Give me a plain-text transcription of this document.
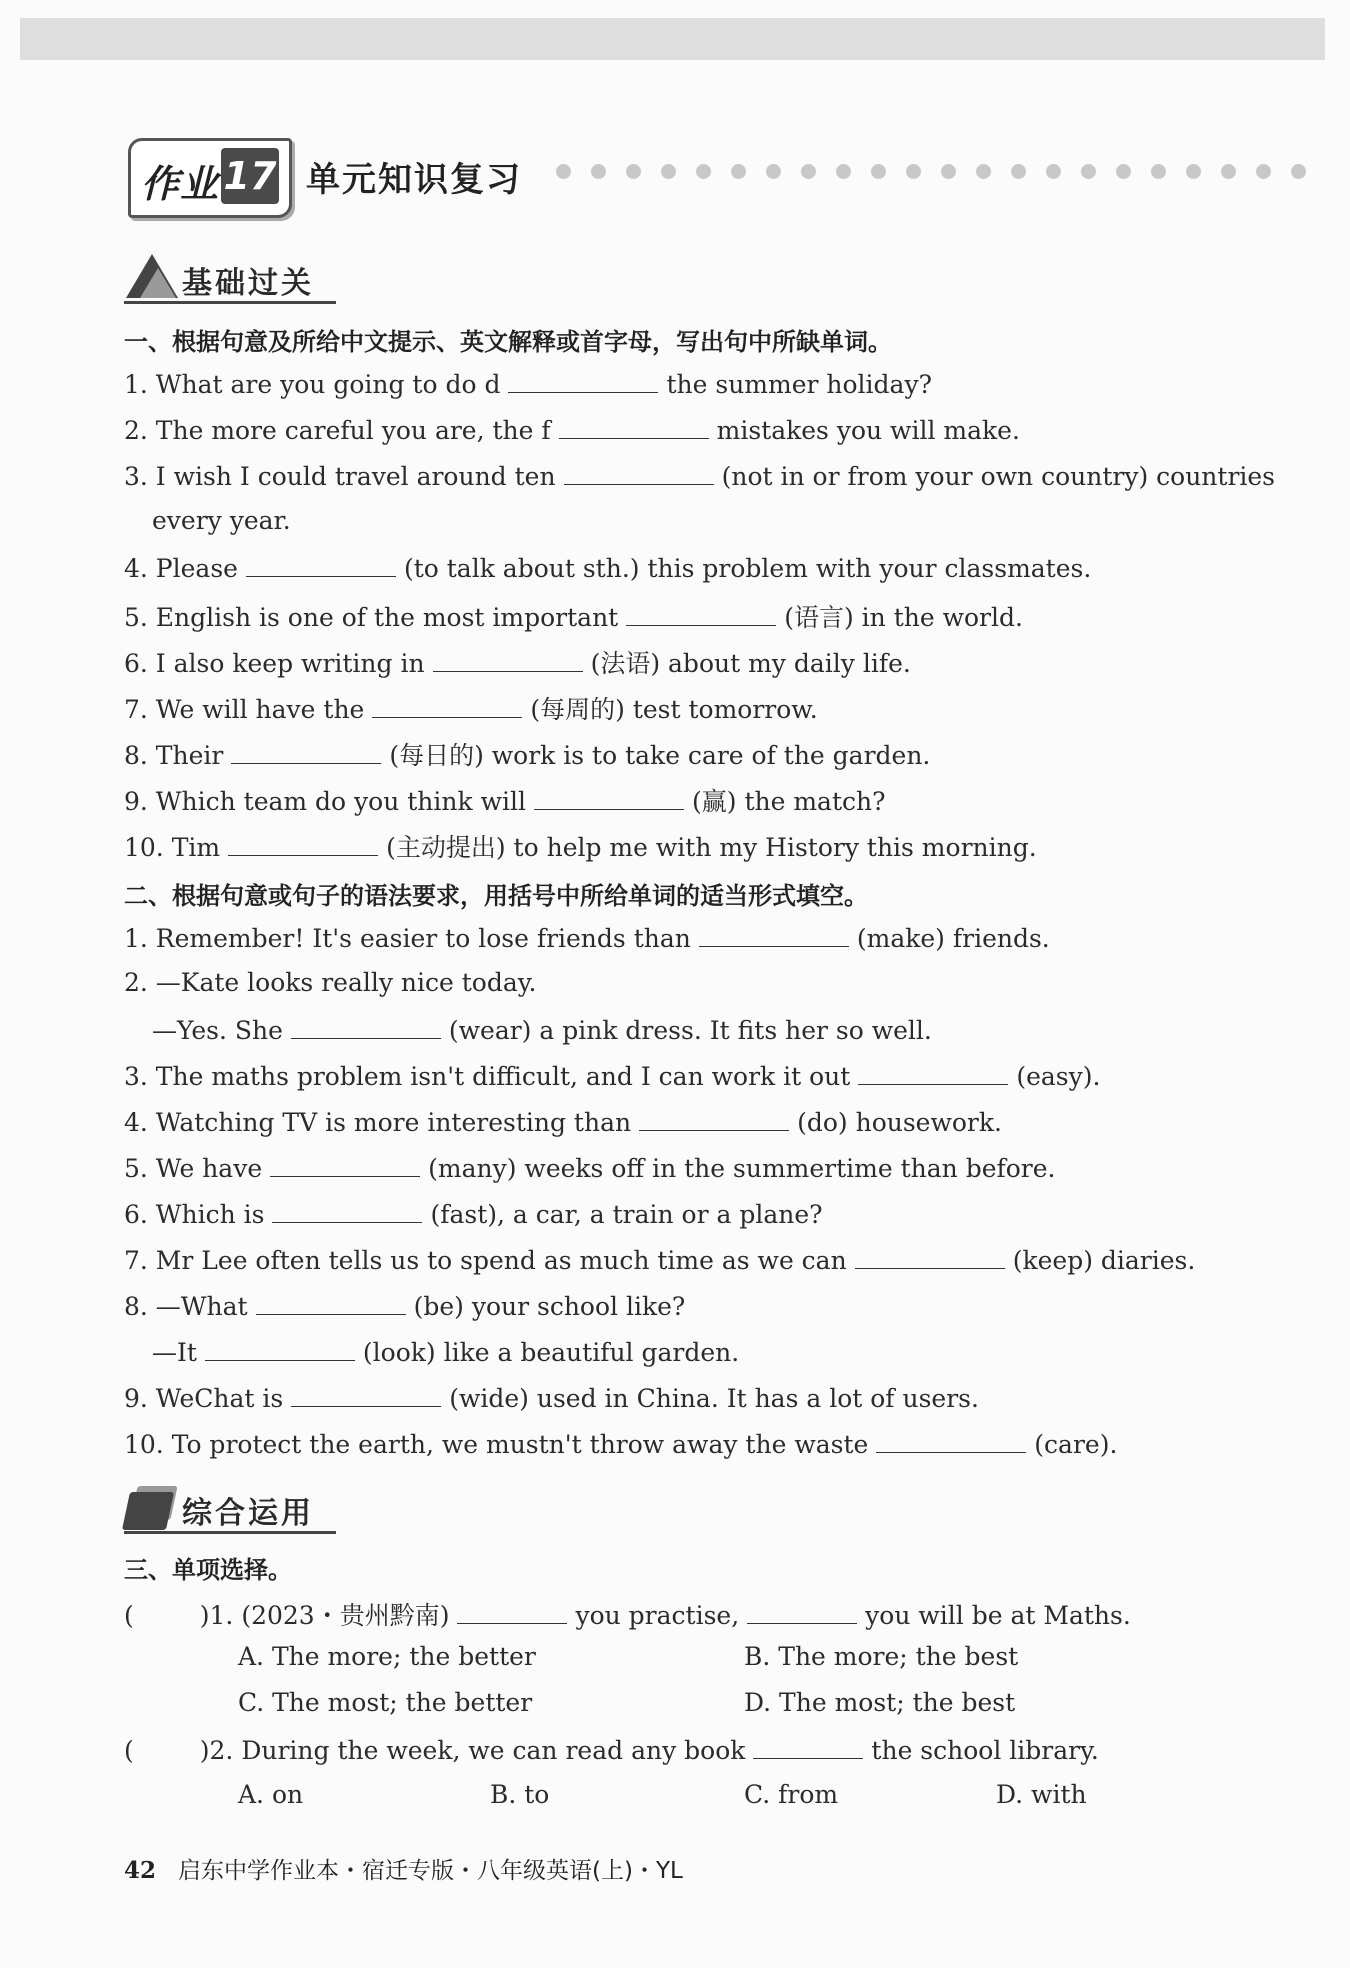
作业 17 单元知识复习
基础过关
一、根据句意及所给中文提示、英文解释或首字母，写出句中所缺单词。
1. What are you going to do d	the summer holiday?
2. The more careful you are, the f	mistakes you will make.
3. I wish I could travel around ten	(not in or from your own country) countries
every year.
4. Please	(to talk about sth.) this problem with your classmates.
5. English is one of the most important	(语言) in the world.
6. I also keep writing in	(法语) about my daily life.
7. We will have the	(每周的) test tomorrow.
8. Their	(每日的) work is to take care of the garden.
9. Which team do you think will	(赢) the match?
10. Tim	(主动提出) to help me with my History this morning.
二、根据句意或句子的语法要求，用括号中所给单词的适当形式填空。
1. Remember! It's easier to lose friends than	(make) friends.
2. —Kate looks really nice today.
—Yes. She	(wear) a pink dress. It fits her so well.
3. The maths problem isn't difficult, and I can work it out	(easy).
4. Watching TV is more interesting than	(do) housework.
5. We have	(many) weeks off in the summertime than before.
6. Which is	(fast), a car, a train or a plane?
7. Mr Lee often tells us to spend as much time as we can	(keep) diaries.
8. —What	(be) your school like?
—It	(look) like a beautiful garden.
9. WeChat is	(wide) used in China. It has a lot of users.
10. To protect the earth, we mustn't throw away the waste	(care).
综合运用
三、单项选择。
(	)1. (2023・贵州黔南)	you practise,	you will be at Maths.
A. The more; the better	B. The more; the best
C. The most; the better	D. The most; the best
(	)2. During the week, we can read any book	the school library.
A. on	B. to	C. from	D. with
42 启东中学作业本・宿迁专版・八年级英语(上)・YL
